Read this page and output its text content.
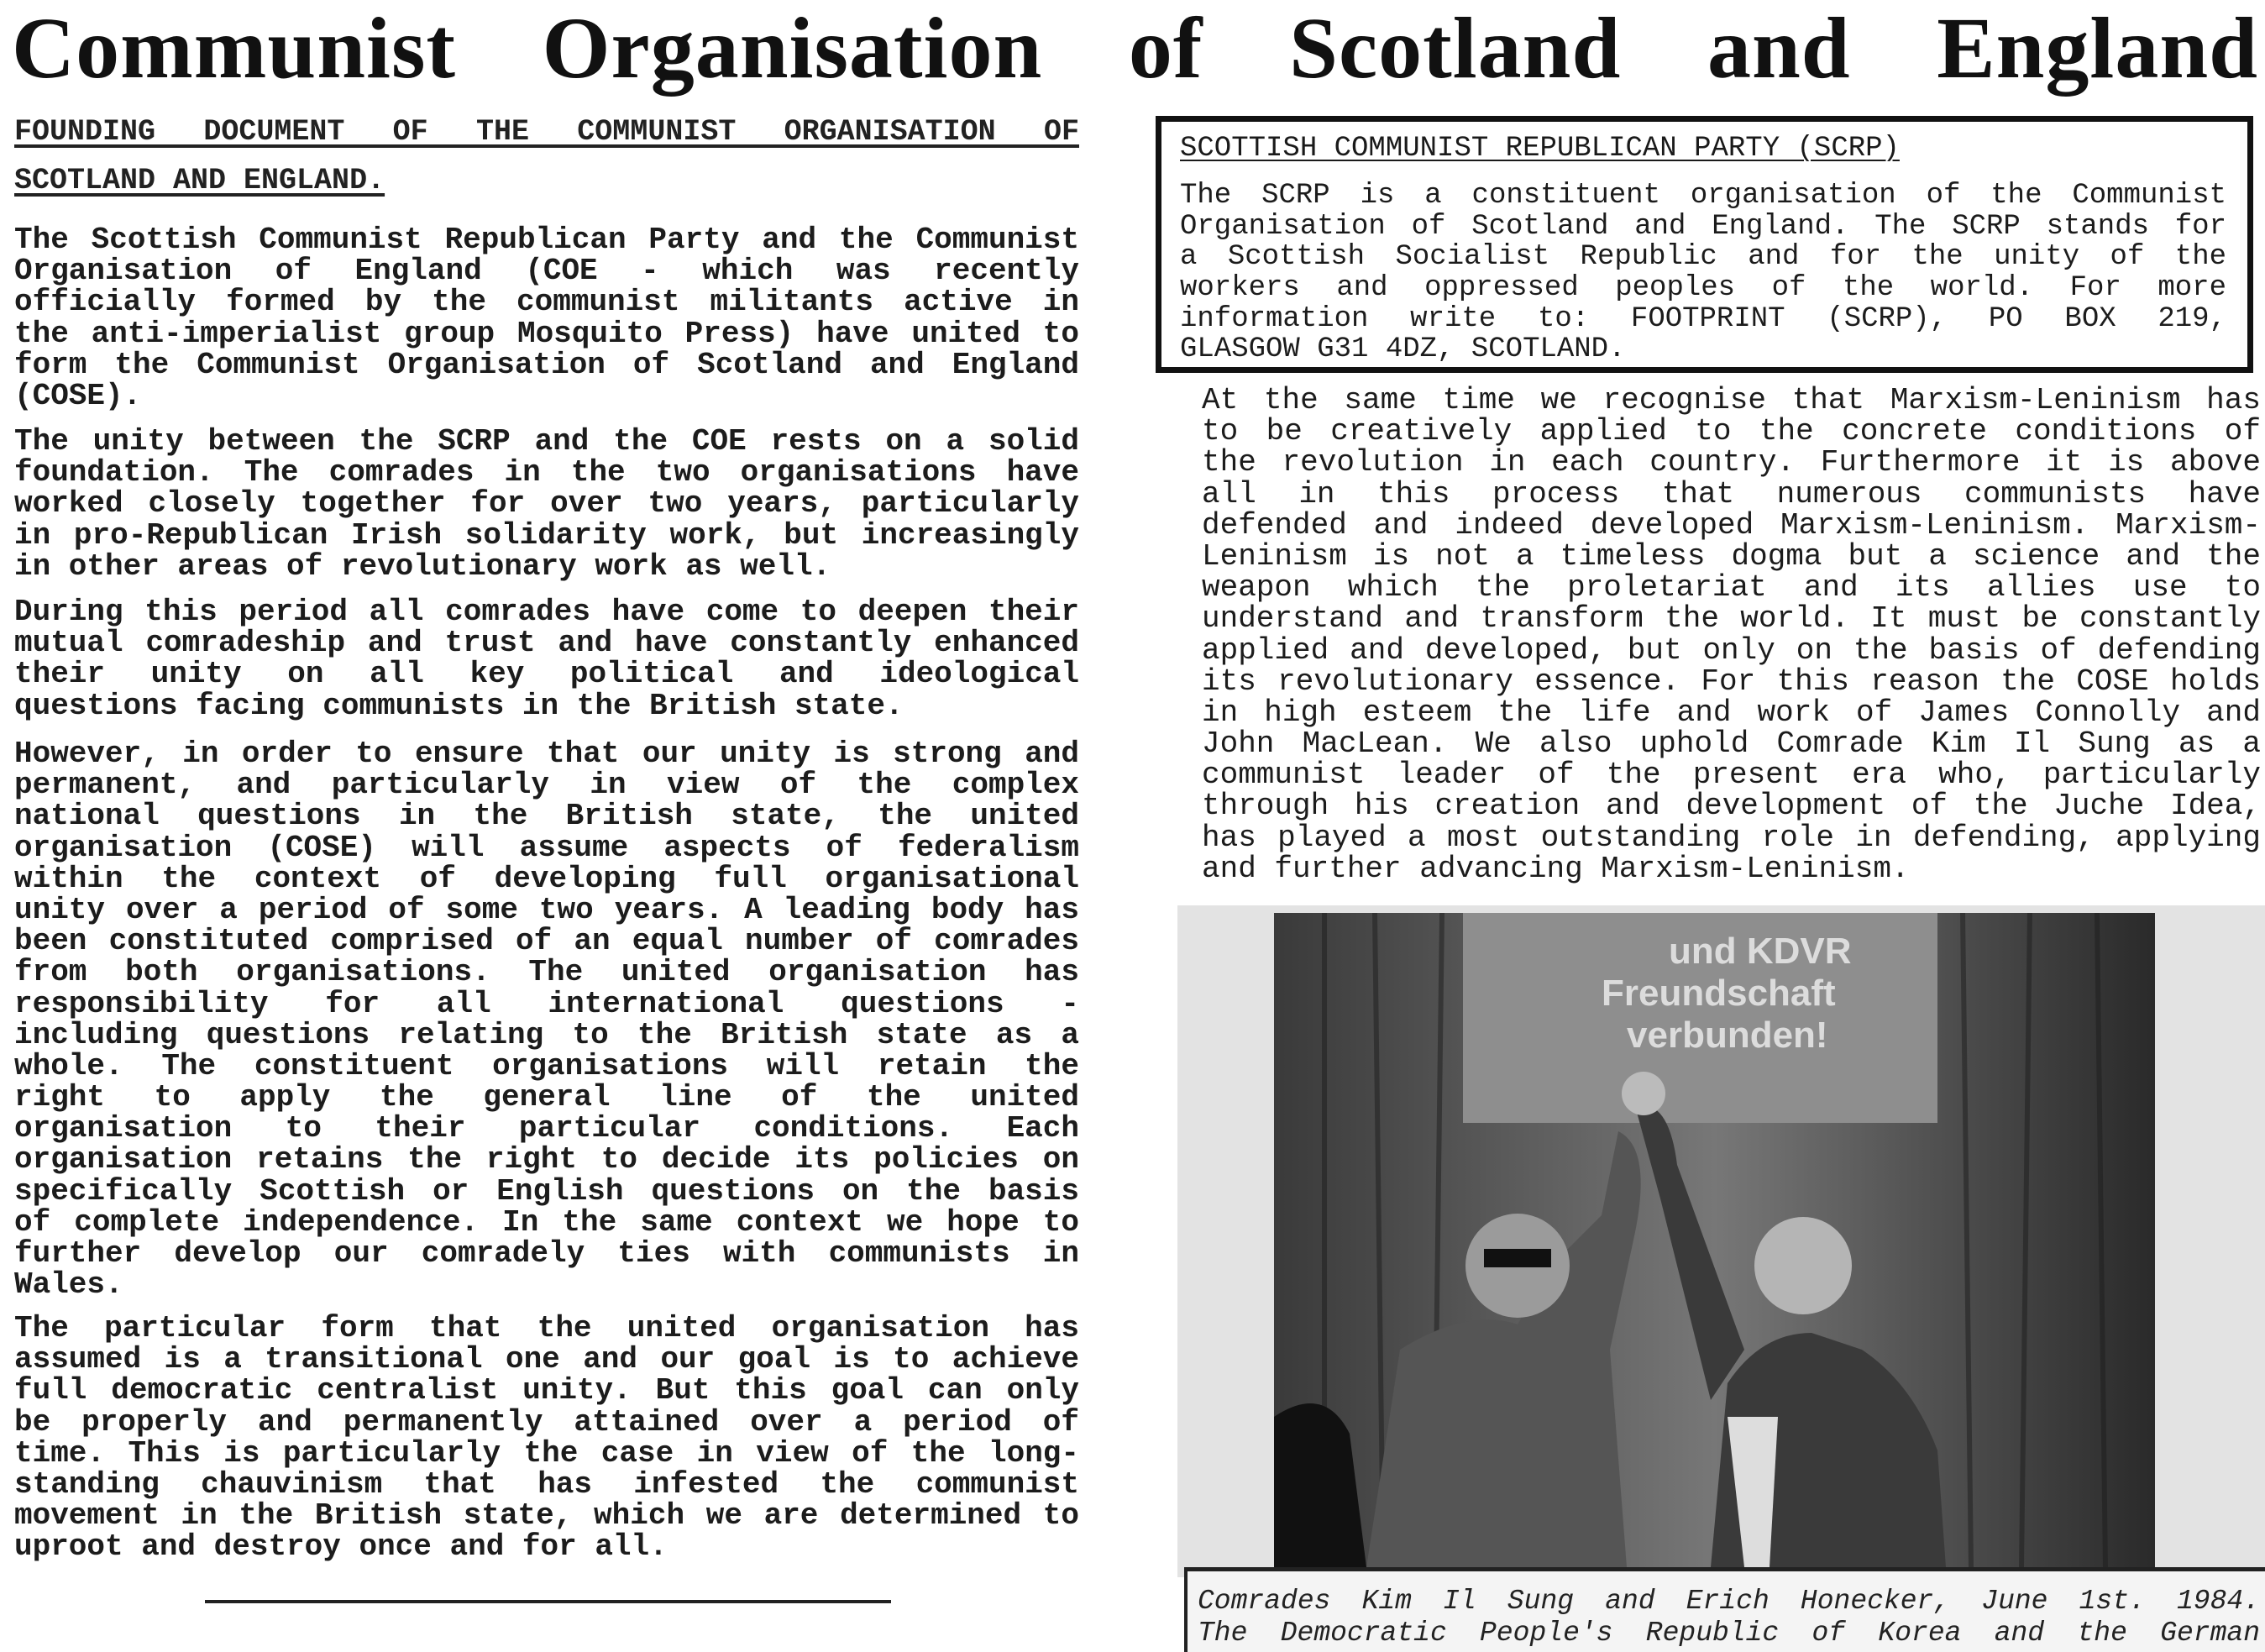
Communist Organisation of Scotland and England
FOUNDING DOCUMENT OF THE COMMUNIST ORGANISATION OF
SCOTLAND AND ENGLAND.
The Scottish Communist Republican Party and the Communist
Organisation of England (COE - which was recently
officially formed by the communist militants active in
the anti-imperialist group Mosquito Press) have united to
form the Communist Organisation of Scotland and England
(COSE).
The unity between the SCRP and the COE rests on a solid
foundation. The comrades in the two organisations have
worked closely together for over two years, particularly
in pro-Republican Irish solidarity work, but increasingly
in other areas of revolutionary work as well.
During this period all comrades have come to deepen their
mutual comradeship and trust and have constantly enhanced
their unity on all key political and ideological
questions facing communists in the British state.
However, in order to ensure that our unity is strong and
permanent, and particularly in view of the complex
national questions in the British state, the united
organisation (COSE) will assume aspects of federalism
within the context of developing full organisational
unity over a period of some two years. A leading body has
been constituted comprised of an equal number of comrades
from both organisations. The united organisation has
responsibility for all international questions -
including questions relating to the British state as a
whole. The constituent organisations will retain the
right to apply the general line of the united
organisation to their particular conditions. Each
organisation retains the right to decide its policies on
specifically Scottish or English questions on the basis
of complete independence. In the same context we hope to
further develop our comradely ties with communists in
Wales.
The particular form that the united organisation has
assumed is a transitional one and our goal is to achieve
full democratic centralist unity. But this goal can only
be properly and permanently attained over a period of
time. This is particularly the case in view of the long-
standing chauvinism that has infested the communist
movement in the British state, which we are determined to
uproot and destroy once and for all.
SCOTTISH COMMUNIST REPUBLICAN PARTY (SCRP)
The SCRP is a constituent organisation of the Communist
Organisation of Scotland and England. The SCRP stands for
a Scottish Socialist Republic and for the unity of the
workers and oppressed peoples of the world. For more
information write to: FOOTPRINT (SCRP), PO BOX 219,
GLASGOW G31 4DZ, SCOTLAND.
At the same time we recognise that Marxism-Leninism has
to be creatively applied to the concrete conditions of
the revolution in each country. Furthermore it is above
all in this process that numerous communists have
defended and indeed developed Marxism-Leninism. Marxism-
Leninism is not a timeless dogma but a science and the
weapon which the proletariat and its allies use to
understand and transform the world. It must be constantly
applied and developed, but only on the basis of defending
its revolutionary essence. For this reason the COSE holds
in high esteem the life and work of James Connolly and
John MacLean. We also uphold Comrade Kim Il Sung as a
communist leader of the present era who, particularly
through his creation and development of the Juche Idea,
has played a most outstanding role in defending, applying
and further advancing Marxism-Leninism.
und KDVR
Freundschaft
verbunden!
Comrades Kim Il Sung and Erich Honecker, June 1st. 1984.
The Democratic People's Republic of Korea and the German
